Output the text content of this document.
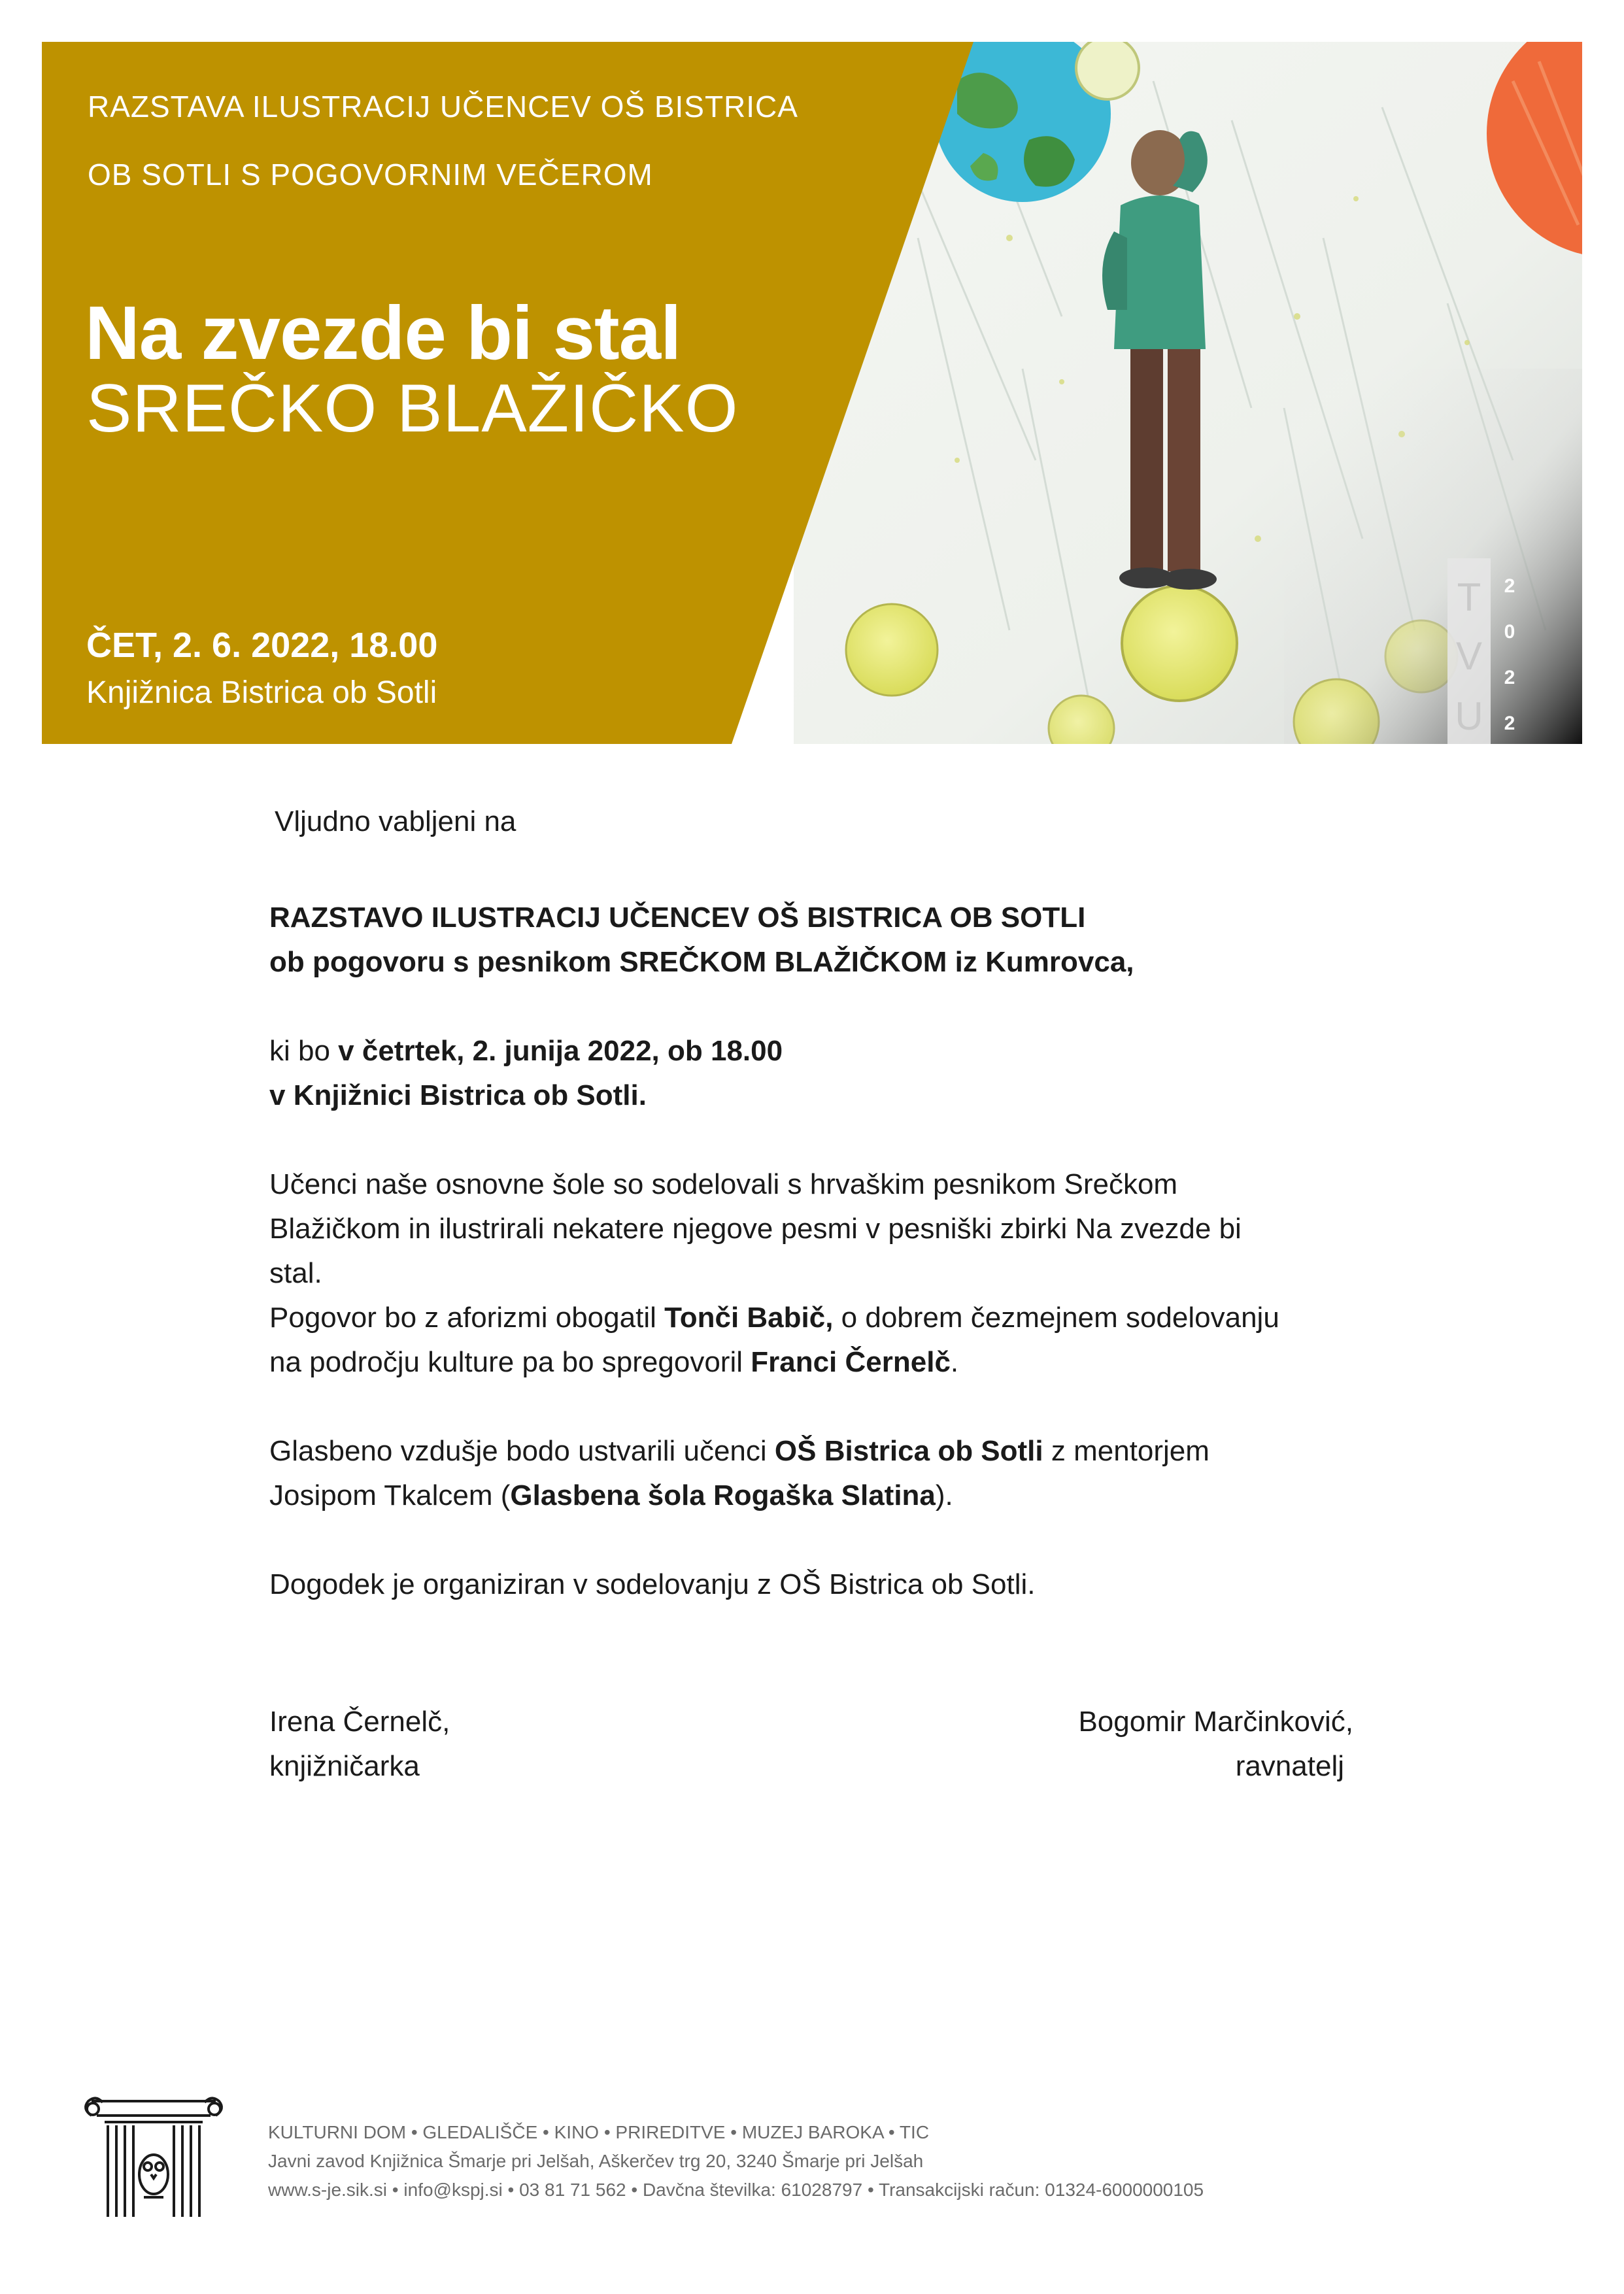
RAZSTAVA ILUSTRACIJ UČENCEV OŠ BISTRICA
OB SOTLI S POGOVORNIM VEČEROM
Na zvezde bi stal
SREČKO BLAŽIČKO
ČET, 2. 6. 2022, 18.00
Knjižnica Bistrica ob Sotli
T
V
U
2
0
2
2
Vljudno vabljeni na

RAZSTAVO ILUSTRACIJ UČENCEV OŠ BISTRICA OB SOTLI

ob pogovoru s pesnikom SREČKOM BLAŽIČKOM iz Kumrovca,

ki bo v četrtek, 2. junija 2022, ob 18.00

v Knjižnici Bistrica ob Sotli.

Učenci naše osnovne šole so sodelovali s hrvaškim pesnikom Srečkom

Blažičkom in ilustrirali nekatere njegove pesmi v pesniški zbirki Na zvezde bi

stal.

Pogovor bo z aforizmi obogatil Tonči Babič, o dobrem čezmejnem sodelovanju

na področju kulture pa bo spregovoril Franci Černelč.

Glasbeno vzdušje bodo ustvarili učenci OŠ Bistrica ob Sotli z mentorjem

Josipom Tkalcem (Glasbena šola Rogaška Slatina).

Dogodek je organiziran v sodelovanju z OŠ Bistrica ob Sotli.

Irena Černelč,
knjižničarka
Bogomir Marčinković,
ravnatelj
KULTURNI DOM • GLEDALIŠČE • KINO • PRIREDITVE • MUZEJ BAROKA • TIC
Javni zavod Knjižnica Šmarje pri Jelšah, Aškerčev trg 20, 3240 Šmarje pri Jelšah
www.s-je.sik.si • info@kspj.si • 03 81 71 562 • Davčna številka: 61028797 • Transakcijski račun: 01324-6000000105
